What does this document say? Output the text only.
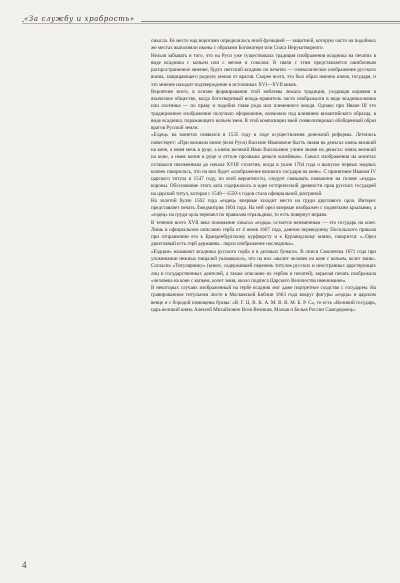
«За службу и храбрость»

смысла. Ее место над воротами определилось иной функцией — защитной, которую часто на подобных же местах выполняли иконы с образами Богоматери или Спаса Нерукотворного.

Нельзя забывать и того, что на Руси уже существовала традиция изображения всадника на печатях в виде всадника с копьем или с мечом и соколом. В связи с этим представляется ошибочным распространенное мнение, будто светский всадник на печатях — символическое изображение русского воина, защищающего родную землю от врагов. Скорее всего, это был образ именно князя, государя, и это мнение находит подтверждение в источниках XVI—XVII веков.

Вероятнее всего, в основе формирования этой эмблемы лежала традиция, уходящая корнями в языческое общество, когда боготворимый вождь-правитель часто изображался в виде всадника-воина или охотника — по праву и подобно главе рода или племенного вождя. Однако при Иване III это традиционное изображение получило оформление, возможно под влиянием византийского образца, в виде всадника, поражающего копьем змея. В этой композиции змей символизировал обобщенный образ врагов Русской земли.

«Ездец» на монетах появился в 1535 году в ходе осуществления денежной реформы. Летопись повествует: «При великом князе (всея Руси) Василие Ивановиче бысть знамя на деньгах князь великий на коне, а имея мечь в руце, а князь великий Иван Васильевич учини знамя на деньгах: князь великий на коне, а имея копие в руце и оттоле прозваша деньги копейные». Смысл изображения на монетах оставался неизменным до начала XVIII столетия, когда в указе 1704 года о выпуске первых медных копеек говорилось, что на них будет «изображение великого государя на коне». С принятием Иваном IV царского титула в 1547 году, по всей вероятности, следует связывать появление на голове «ездца» короны. Обоснование этого акта содержалось в идее исторической древности прав русских государей на царский титул, которая с 1540—1550-х годов стала официальной доктриной.

На золотой булле 1562 года «ездец» впервые заходит место на груди двуглавого орла. Интерес представляет печать Лжедмитрия 1604 года. На ней орел впервые изображен с поднятыми крыльями, а «ездец» на груди орла перешел по правилам геральдики, то есть повернут вправо.

В течение всего XVII века понимание смысла «ездца» остается неизменным — это государь на коне. Лишь в официальном описании герба от 4 июня 1667 года, данном переводчику Посольского приказа при отправлении его к Бранденбургскому курфюрсту и к Курляндскому князю, говорится: «..Орел двоеглавый есть герб державны.. перси изображение наследника».

«Ездцом» называют всадника русского герба и в деловых бумагах. В описи Смоленска 1671 года при упоминании нежных пищалей указывалось, что на них «вылит человек на коне с копьем, колет змия». Согласно «Титулярнику» (книге, содержавшей перечень титулов русских и иностранных царствующих лиц и государственных деятелей, а также описание их гербов и печатей), корычая печать изображала «человека на коне с копьем, колет змия, около подписа Царского Величества именование».

В некоторых случаях изображенный на гербе всадник мог даже портретное сходство с государем. На гравированном титульном листе в Московской Библии 1663 года вокруг фигуры «ездца» в царском венце и с бородой помещены буквы: «В. Г. Ц. В. К. А. М. В. В. М. Б. Р. С», то есть «Великий государь, царь великий князь Алексей Михайлович Всея Великия, Малыя и Белыя России Самодержец».

4
